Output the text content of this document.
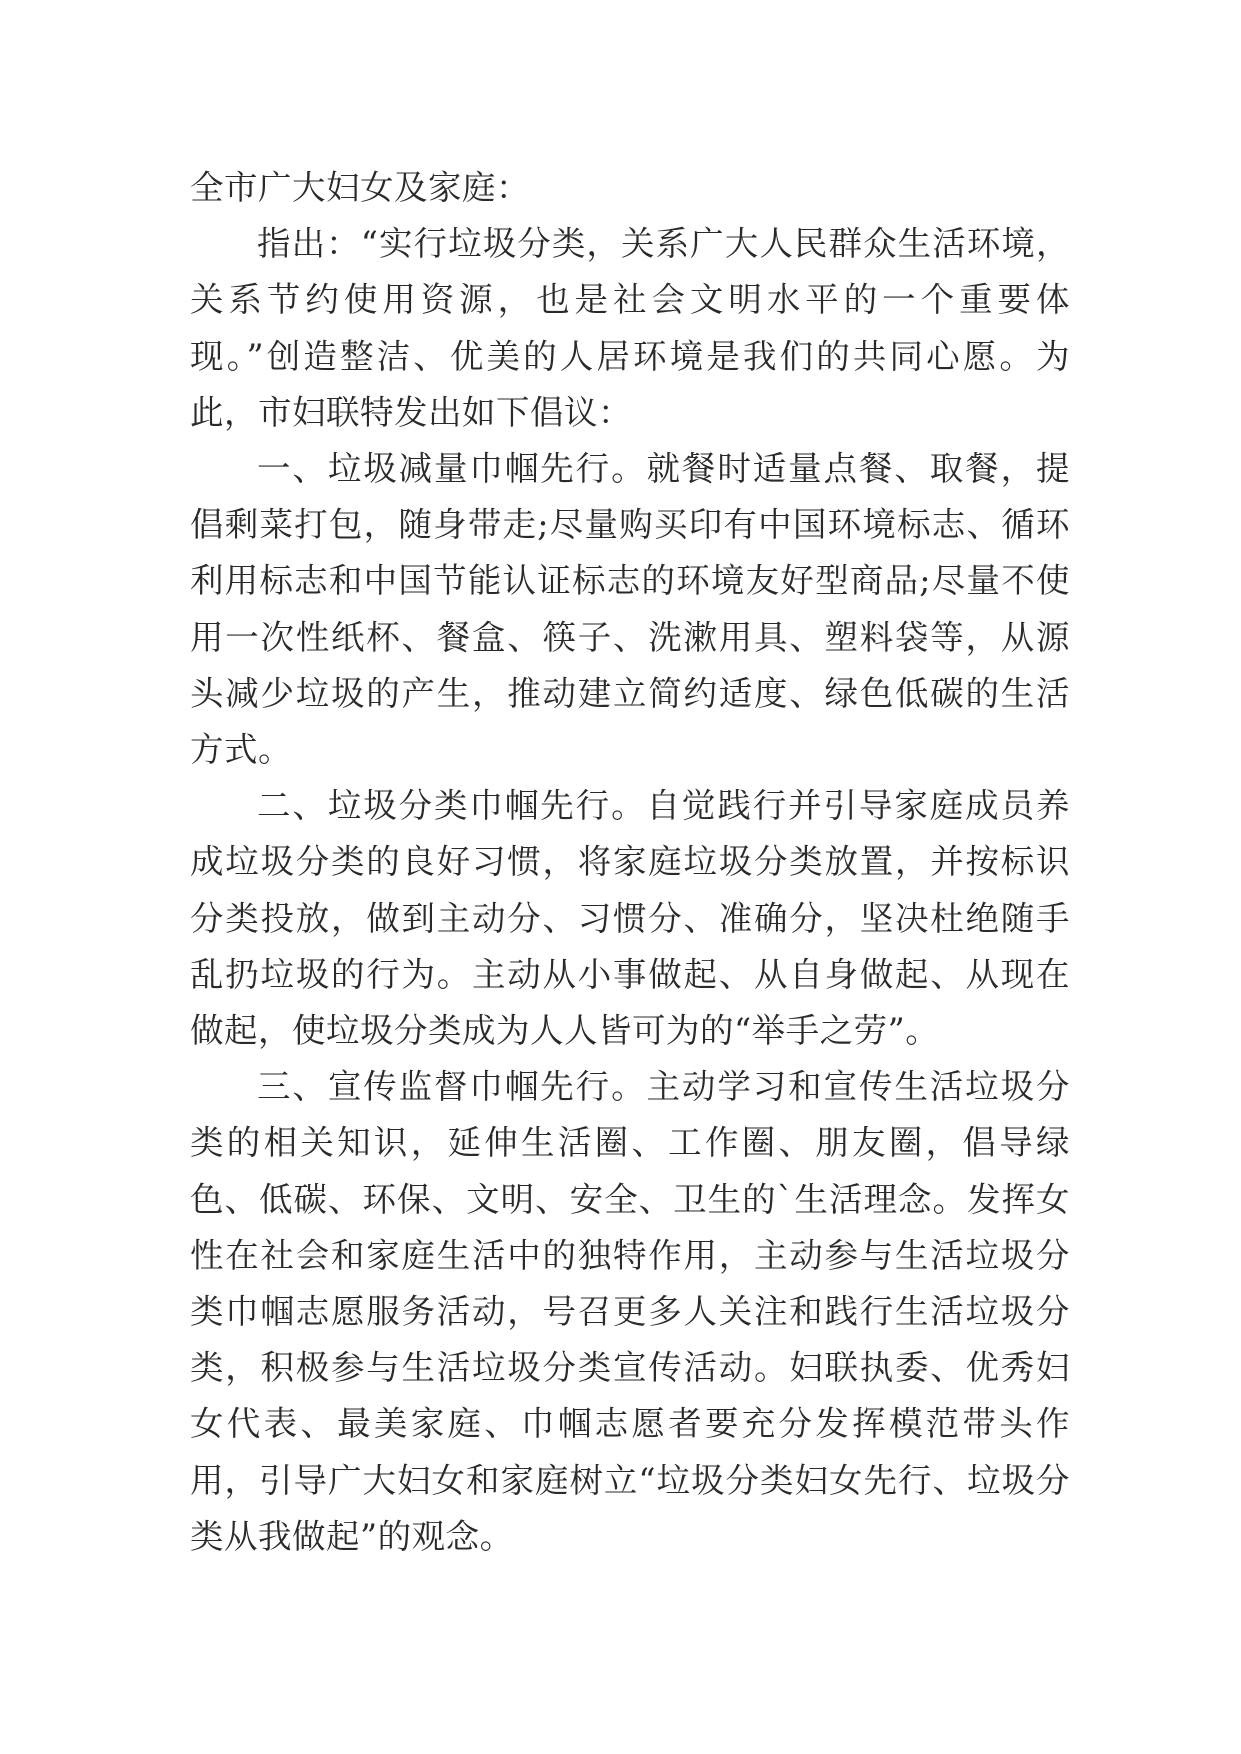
全市广大妇女及家庭：

指出：“实行垃圾分类，关系广大人民群众生活环境，关系节约使用资源，也是社会文明水平的一个重要体现。”创造整洁、优美的人居环境是我们的共同心愿。为此，市妇联特发出如下倡议：

一、垃圾减量巾帼先行。就餐时适量点餐、取餐，提倡剩菜打包，随身带走;尽量购买印有中国环境标志、循环利用标志和中国节能认证标志的环境友好型商品;尽量不使用一次性纸杯、餐盒、筷子、洗漱用具、塑料袋等，从源头减少垃圾的产生，推动建立简约适度、绿色低碳的生活方式。

二、垃圾分类巾帼先行。自觉践行并引导家庭成员养成垃圾分类的良好习惯，将家庭垃圾分类放置，并按标识分类投放，做到主动分、习惯分、准确分，坚决杜绝随手乱扔垃圾的行为。主动从小事做起、从自身做起、从现在做起，使垃圾分类成为人人皆可为的“举手之劳”。

三、宣传监督巾帼先行。主动学习和宣传生活垃圾分类的相关知识，延伸生活圈、工作圈、朋友圈，倡导绿色、低碳、环保、文明、安全、卫生的`生活理念。发挥女性在社会和家庭生活中的独特作用，主动参与生活垃圾分类巾帼志愿服务活动，号召更多人关注和践行生活垃圾分类，积极参与生活垃圾分类宣传活动。妇联执委、优秀妇女代表、最美家庭、巾帼志愿者要充分发挥模范带头作用，引导广大妇女和家庭树立“垃圾分类妇女先行、垃圾分类从我做起”的观念。
